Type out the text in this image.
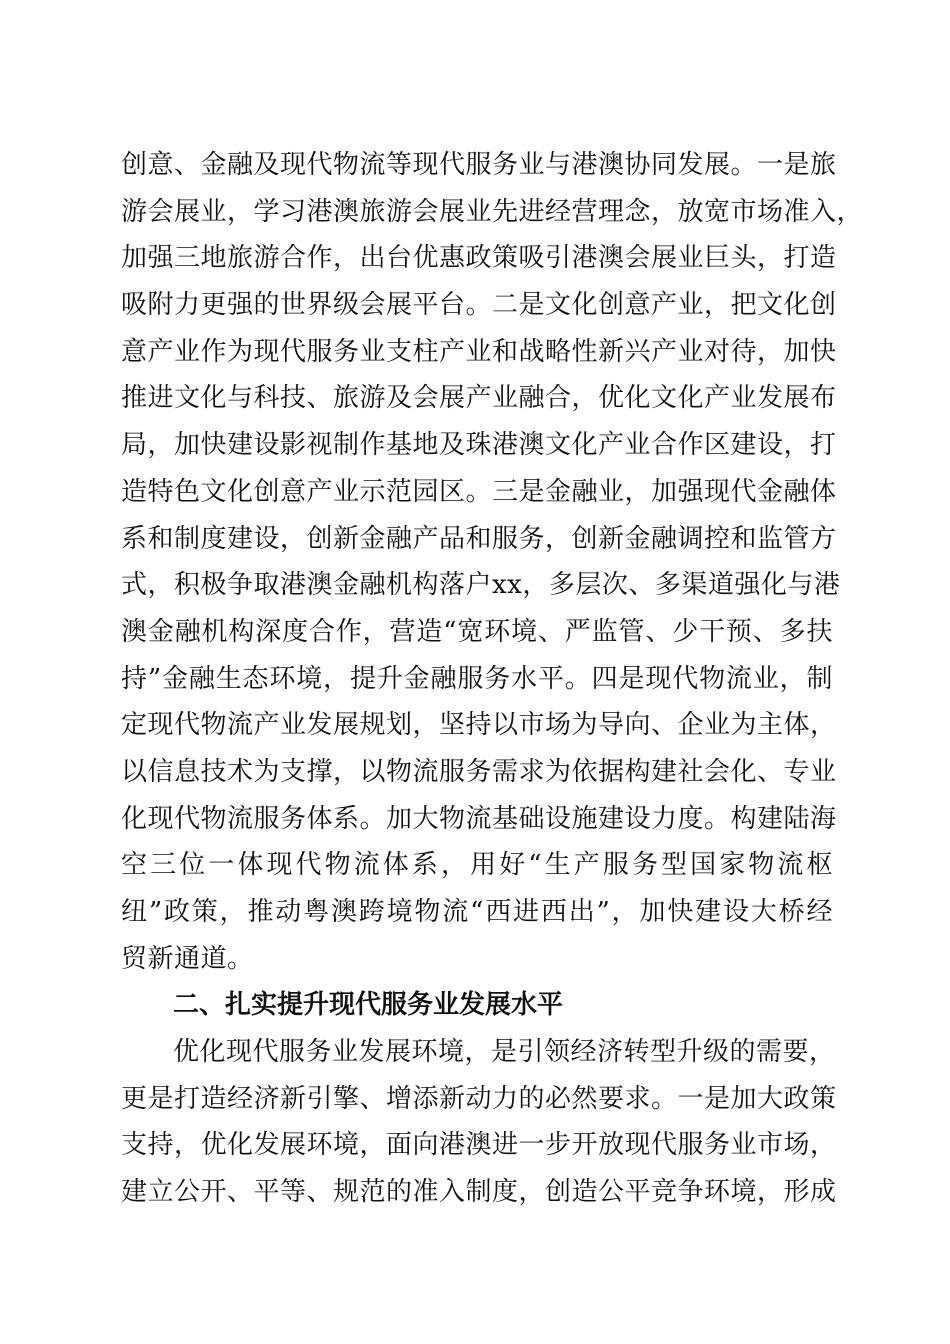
创意、金融及现代物流等现代服务业与港澳协同发展。一是旅
游会展业，学习港澳旅游会展业先进经营理念，放宽市场准入，
加强三地旅游合作，出台优惠政策吸引港澳会展业巨头，打造
吸附力更强的世界级会展平台。二是文化创意产业，把文化创
意产业作为现代服务业支柱产业和战略性新兴产业对待，加快
推进文化与科技、旅游及会展产业融合，优化文化产业发展布
局，加快建设影视制作基地及珠港澳文化产业合作区建设，打
造特色文化创意产业示范园区。三是金融业，加强现代金融体
系和制度建设，创新金融产品和服务，创新金融调控和监管方
式，积极争取港澳金融机构落户xx，多层次、多渠道强化与港
澳金融机构深度合作，营造“宽环境、严监管、少干预、多扶
持”金融生态环境，提升金融服务水平。四是现代物流业，制
定现代物流产业发展规划，坚持以市场为导向、企业为主体，
以信息技术为支撑，以物流服务需求为依据构建社会化、专业
化现代物流服务体系。加大物流基础设施建设力度。构建陆海
空三位一体现代物流体系，用好“生产服务型国家物流枢
纽”政策，推动粤澳跨境物流“西进西出”，加快建设大桥经
贸新通道。
二、扎实提升现代服务业发展水平
优化现代服务业发展环境，是引领经济转型升级的需要，
更是打造经济新引擎、增添新动力的必然要求。一是加大政策
支持，优化发展环境，面向港澳进一步开放现代服务业市场，
建立公开、平等、规范的准入制度，创造公平竞争环境，形成
